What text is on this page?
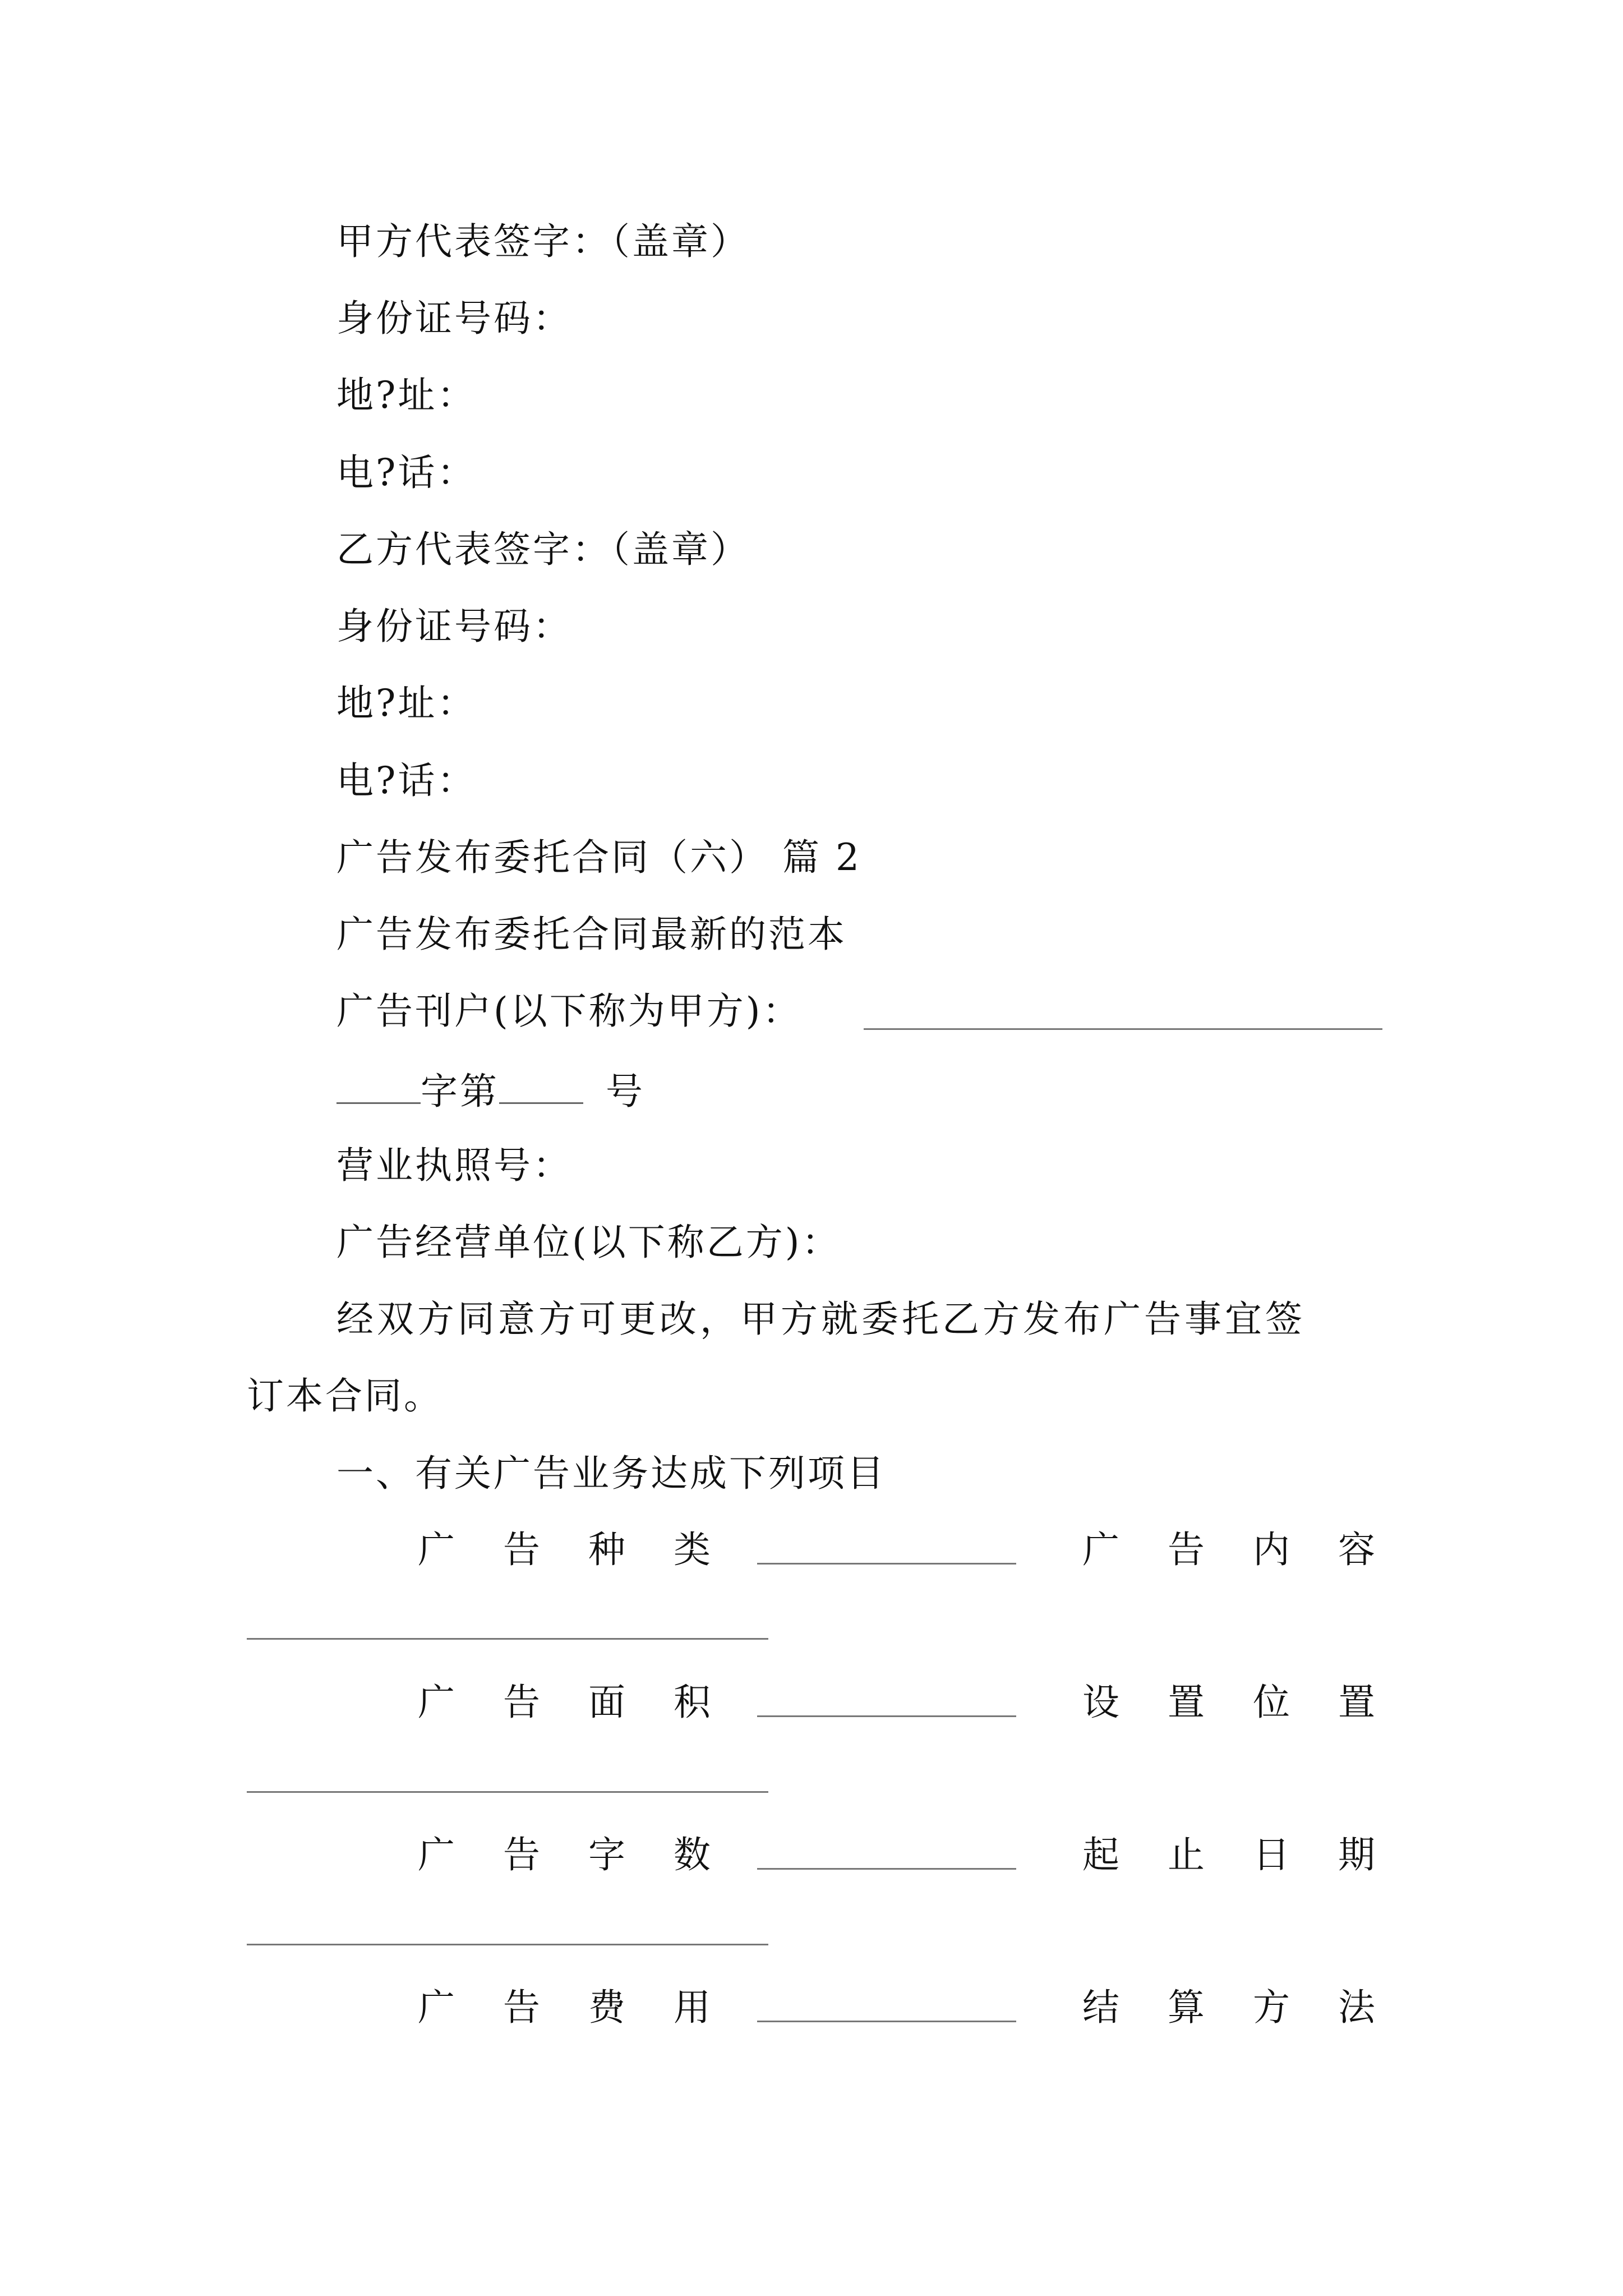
甲方代表签字：（盖章）
身份证号码：
地?址：
电?话：
乙方代表签字：（盖章）
身份证号码：
地?址：
电?话：
广告发布委托合同（六） 篇 2
广告发布委托合同最新的范本
广告刊户(以下称为甲方)：
字第	号
营业执照号：
广告经营单位(以下称乙方)：
经双方同意方可更改，甲方就委托乙方发布广告事宜签
订本合同。
一、有关广告业务达成下列项目
广 告 种 类	广 告 内 容
广 告 面 积	设 置 位 置
广 告 字 数	起 止 日 期
广 告 费 用	结 算 方 法
